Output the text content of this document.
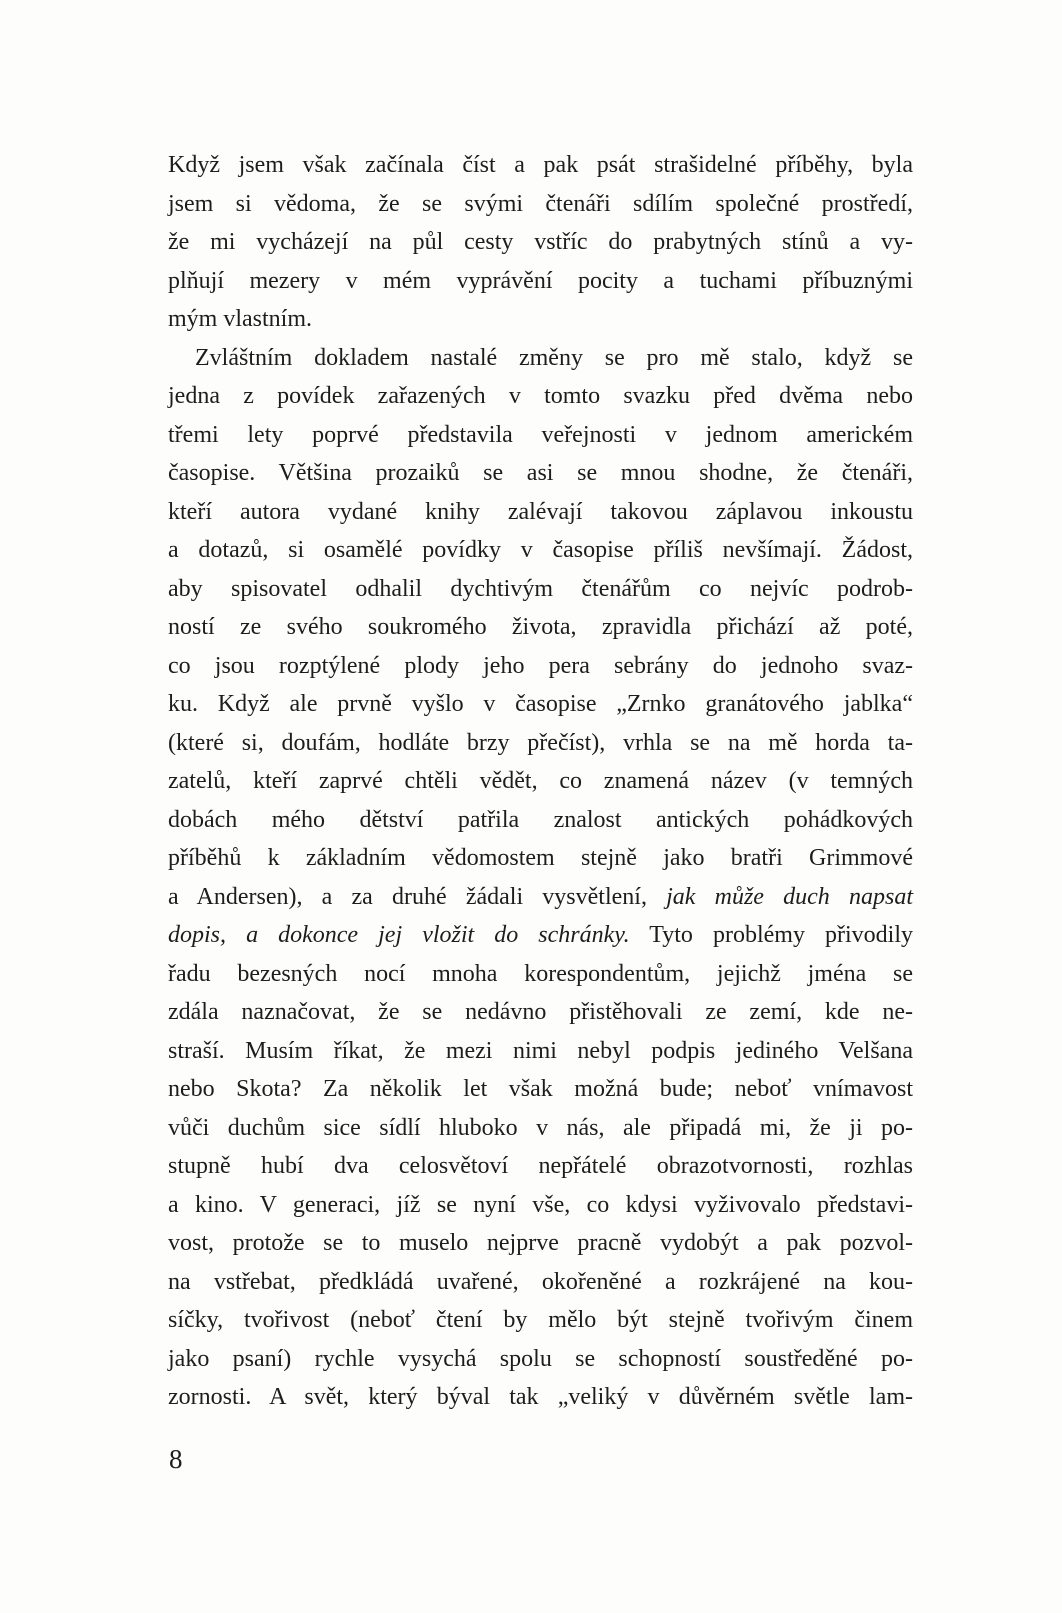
Když jsem však začínala číst a pak psát strašidelné příběhy, byla
jsem si vědoma, že se svými čtenáři sdílím společné prostředí,
že mi vycházejí na půl cesty vstříc do prabytných stínů a vy-
plňují mezery v mém vyprávění pocity a tuchami příbuznými
mým vlastním.
Zvláštním dokladem nastalé změny se pro mě stalo, když se
jedna z povídek zařazených v tomto svazku před dvěma nebo
třemi lety poprvé představila veřejnosti v jednom americkém
časopise. Většina prozaiků se asi se mnou shodne, že čtenáři,
kteří autora vydané knihy zalévají takovou záplavou inkoustu
a dotazů, si osamělé povídky v časopise příliš nevšímají. Žádost,
aby spisovatel odhalil dychtivým čtenářům co nejvíc podrob-
ností ze svého soukromého života, zpravidla přichází až poté,
co jsou rozptýlené plody jeho pera sebrány do jednoho svaz-
ku. Když ale prvně vyšlo v časopise „Zrnko granátového jablka“
(které si, doufám, hodláte brzy přečíst), vrhla se na mě horda ta-
zatelů, kteří zaprvé chtěli vědět, co znamená název (v temných
dobách mého dětství patřila znalost antických pohádkových
příběhů k základním vědomostem stejně jako bratři Grimmové
a Andersen), a za druhé žádali vysvětlení, jak může duch napsat
dopis, a dokonce jej vložit do schránky. Tyto problémy přivodily
řadu bezesných nocí mnoha korespondentům, jejichž jména se
zdála naznačovat, že se nedávno přistěhovali ze zemí, kde ne-
straší. Musím říkat, že mezi nimi nebyl podpis jediného Velšana
nebo Skota? Za několik let však možná bude; neboť vnímavost
vůči duchům sice sídlí hluboko v nás, ale připadá mi, že ji po-
stupně hubí dva celosvětoví nepřátelé obrazotvornosti, rozhlas
a kino. V generaci, jíž se nyní vše, co kdysi vyživovalo představi-
vost, protože se to muselo nejprve pracně vydobýt a pak pozvol-
na vstřebat, předkládá uvařené, okořeněné a rozkrájené na kou-
síčky, tvořivost (neboť čtení by mělo být stejně tvořivým činem
jako psaní) rychle vysychá spolu se schopností soustředěné po-
zornosti. A svět, který býval tak „veliký v důvěrném světle lam-
8
